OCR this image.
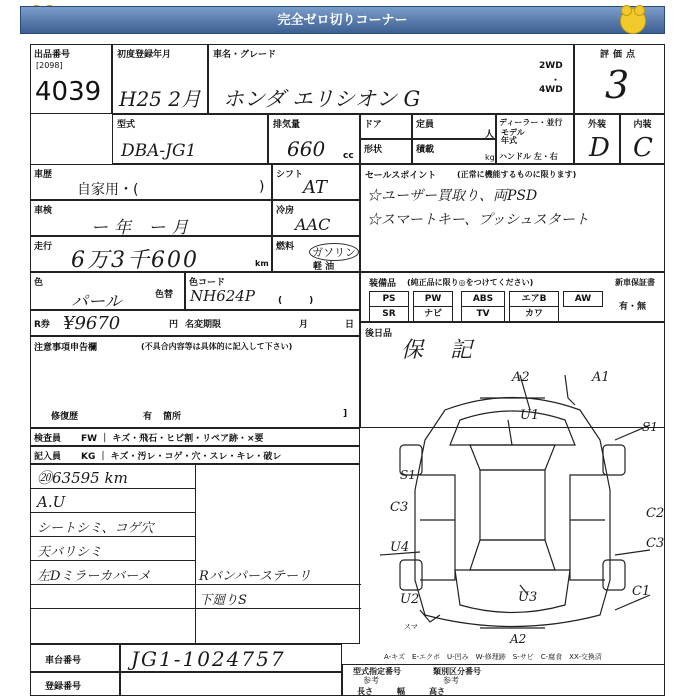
完全ゼロ切りコーナー
出品番号
[2098]
4039
初度登録年月
H25 2月
車名・グレード
ホンダ エリシオン G
2WD
・
4WD
評価点
3
型式
DBA-JG1
排気量
660 cc
ドア	定員
人
ディーラー・並行
モデル年式
ハンドル 左・右
形状	積載
kg
外装
D
内装
C
車歴
自家用・(	)
シフト
AT
車検
ー年 ー月
冷房
AAC
走行
6万3千600	km
燃料 ガソリン
軽 油
色
パール	色替
色コード
NH624P	(　　　)
R券 ¥9670	円 名変期限	月	日
注意事項申告欄	(不具合内容等は具体的に記入して下さい)
修復歴	有 箇所	]
検査員 FW ｜ キズ・飛石・ヒビ割・リペア跡・×要
記入員 KG ｜ キズ・汚レ・コゲ・穴・スレ・キレ・破レ
⑳63595 km
A.U
シートシミ、コゲ穴
天バリシミ
左Dミラーカバーメ	Rバンパーステーリ
下廻りS
セールスポイント	(正常に機能するものに限ります)
☆ユーザー買取り、両PSD
☆スマートキー、プッシュスタート
装備品 (純正品に限り◎をつけてください)	新車保証書
PS	PW	ABS	エアB	AW
SR	ナビ	TV	カワ
有・無
後日品
保 記
A2	A1
U1
S1
S1
C3	C2
C3
U4
U3	C1
U2
スマ
A2
A-キズ　E-エクボ　U-凹み　W-修理跡　S-サビ　C-腐食　XX-交換済
車台番号 JG1-1024757
登録番号
型式指定番号
参考
類別区分番号
参考
長さ　　　幅　　　高さ
